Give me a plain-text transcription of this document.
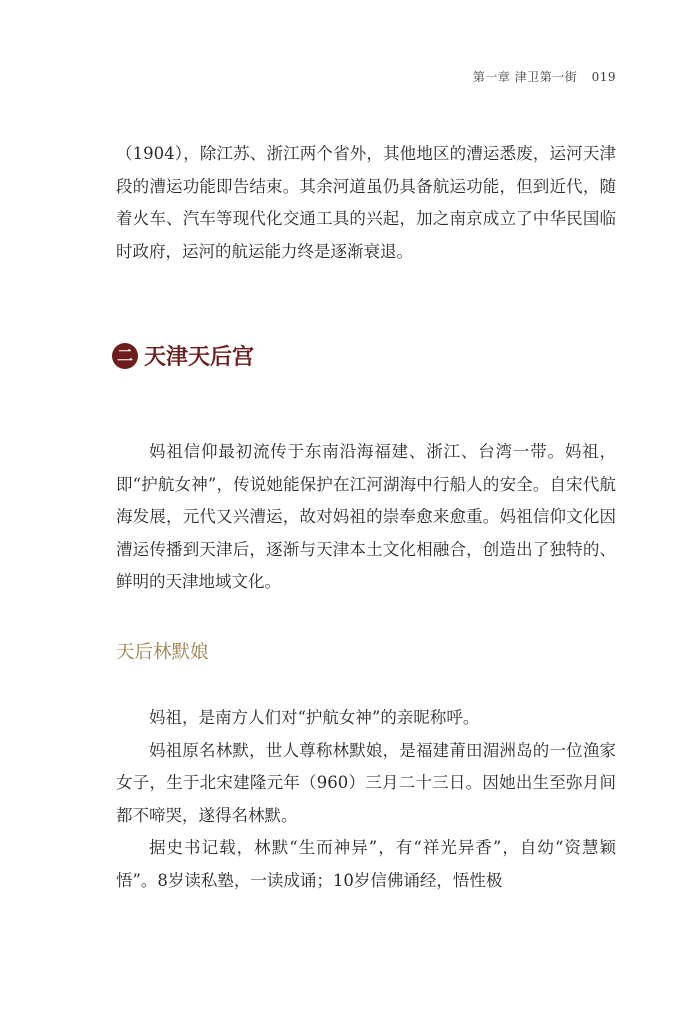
第一章 津卫第一街 019

（1904），除江苏、浙江两个省外，其他地区的漕运悉废，运河天津段的漕运功能即告结束。其余河道虽仍具备航运功能，但到近代，随着火车、汽车等现代化交通工具的兴起，加之南京成立了中华民国临时政府，运河的航运能力终是逐渐衰退。

二 天津天后宫

妈祖信仰最初流传于东南沿海福建、浙江、台湾一带。妈祖，即“护航女神”，传说她能保护在江河湖海中行船人的安全。自宋代航海发展，元代又兴漕运，故对妈祖的崇奉愈来愈重。妈祖信仰文化因漕运传播到天津后，逐渐与天津本土文化相融合，创造出了独特的、鲜明的天津地域文化。

天后林默娘

妈祖，是南方人们对“护航女神”的亲昵称呼。

妈祖原名林默，世人尊称林默娘，是福建莆田湄洲岛的一位渔家女子，生于北宋建隆元年（960）三月二十三日。因她出生至弥月间都不啼哭，遂得名林默。

据史书记载，林默“生而神异”，有“祥光异香”，自幼“资慧颖悟”。8岁读私塾，一读成诵；10岁信佛诵经，悟性极
